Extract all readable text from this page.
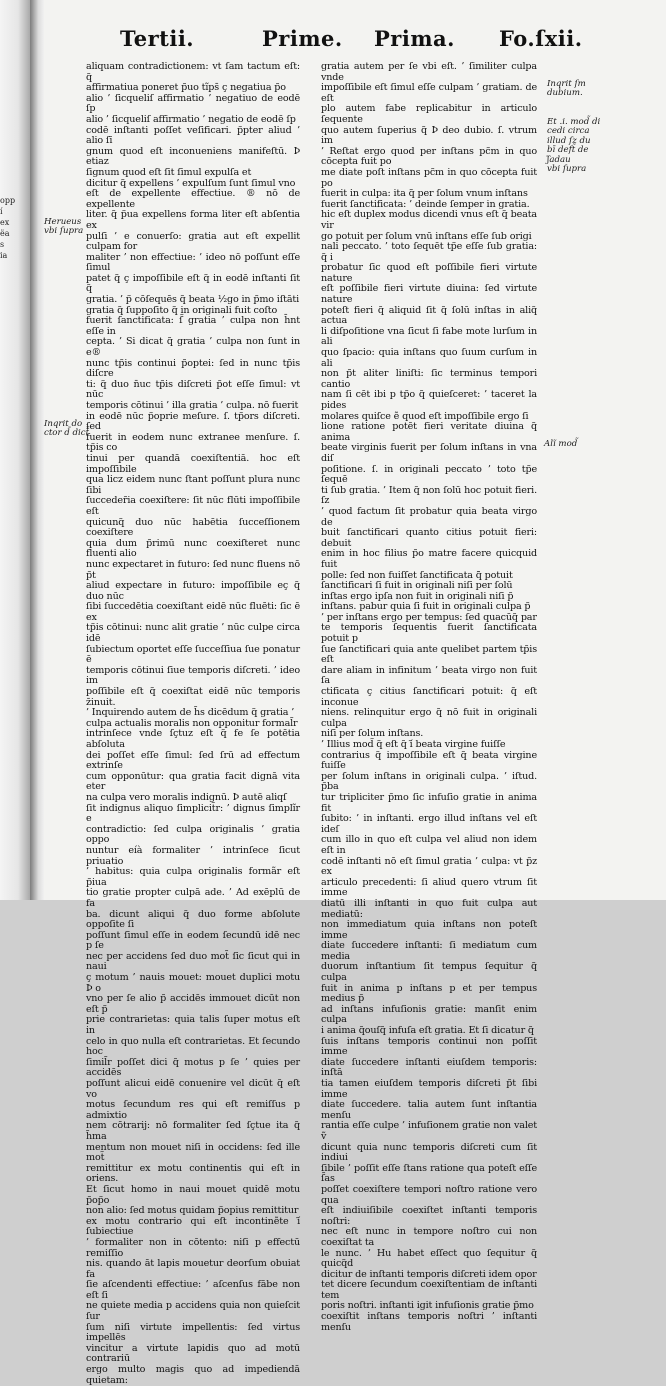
opp
í
ex
ëa
s
ia
Tertii.	Prime. Prima. Fo.ſxii.
Herueus
vbi ſupra
Inqrit do
ctor d̃ dict̄
Inqrit ſm
dubium.
Et .i. mod̃ di
cedi circa
illud ſz du
bī deft̃ de
ʃ̃adau
vbi ſupra
Alĩ mod̃

aliquam contradictionem: vt ſam tactum eſt: q̃

affirmatiua poneret p̃uo tĩps̄ ç negatiua p̃o

alio ’ ſicqueliſ affirmatio ’ negatiuo de eodē ſp

alio ’ ſicqueliſ affirmatio ’ negatio de eodē ſp

codē inſtanti poſſet veſificari. p̃pter aliud ’ alio ſī

gnum quod eſt inconueniens manifeſtū. Þ etiaz

ſignum quod eſt ſit ſimul expulſa et

dicitur q̃ expellens ’ expulſum ſunt ſimul vno

eſt de expellente effectiue. ® nō de expellente

liter. q̃ p̃ua expellens forma liter eſt abſentia ex

pulſi ’ e conuerſo: gratia aut eſt expellit culpam for

maliter ’ non effectiue: ’ ideo nō poſſunt eſſe ſimul

patet q̃ ç impoſſibile eſt q̃ in eodē inſtanti ſit q̃

gratia. ’ p̃ cōſequēs q̃ beata ½go in p̃mo iſtāti

gratia q̃ ſuppoſito q̃ in originali fuit coſto

fuerit ſanctificata: ſ̃ gratia ’ culpa non h̄nt eſſe in

cepta. ’ Si dicat q̃ gratia ’ culpa non ſunt in e®

nunc tp̃is continui p̃optei: ſed in nunc tp̃is diſcre

ti: q̃ duo n̄uc tp̃is diſcreti p̃ot eſſe ſimul: vt nūc

temporis cōtinui ’ illa gratia ’ culpa. nō fuerit

in eodē nūc p̃oprie meſure. ſ. tp̃ors diſcreti. ſed

fuerit in eodem nunc extranee menſure. ſ. tp̃is co

tinui per quandā coexiſtentiā. hoc eſt impoſſibile

qua licz eidem nunc ſtant poſſunt plura nunc ſibi

ſucceder̃ia coexiſtere: ſit nūc flūti impoſſibile eſt

quicunq̃ duo nūc habētia ſucceſſionem coexiſtere

quia dum p̃rimū nunc coexiſteret nunc fluenti alio

nunc expectaret in futuro: ſed nunc fluens nō p̃t

aliud expectare in futuro: impoſſibile eç q̃ duo nūc

ſibi ſuccedētia coexiſtant eidē nūc fluēti: ſic ē ex

tp̃is cōtinui: nunc alit gratie ’ nūc culpe circa idē

ſubiectum oportet eſſe ſucceſſiua ſue ponatur ē

temporis cōtinui ſiue temporis diſcreti. ’ ideo im

poſſibile eſt q̃ coexiſtat eidē nūc temporis z̄inuit.

’ Inquirendo autem de h̃s dicēdum q̃ gratia ’

culpa actualis moralis non opponitur formal̃r

intrinſece vnde ſçtuz eſt q̃ fe ſe potētia abſoluta

dei poſſet eſſe ſimul: ſed ſrū ad effectum extrinſe

cum opponūtur: qua gratia facit dignā vita eter

na culpa vero moralis indignū. Þ autē aliqſ

ſit indignus aliquo ſimplicit̃r: ’ dignus ſimplĩr e

contradictio: ſed culpa originalis ’ gratia oppo

nuntur eíà formaliter ’ intrinſece ſicut priuatio

’ habitus: quia culpa originalis formãr eſt p̃iua

tio gratie propter culpā ade. ’ Ad exēplū de fa

ba. dicunt aliqui q̃ duo forme abſolute oppoſite ſi

poſſunt ſimul eſſe in eodem ſecundū idē nec p ſe

nec per accidens ſed duo mot̃ ſic ſicut qui in naui

ç motum ’ nauis mouet: mouet duplici motu Þ o

vno per ſe alio p̃ accidēs immouet dicūt non eſt p̃

prie contrarietas: quia talis ſuper motus eſt in

celo in quo nulla eſt contrarietas. Et ſecundo hoc

ſimil̃r poſſet dici q̃ motus p ſe ’ quies per accidēs

poſſunt alicui eidē conuenire vel dicūt q̃ eſt vo

motus ſecundum res qui eſt remiſſus p admixtio

nem cōtrarij: nō formaliter ſed ſçtue ita q̃ h̃ma

mentum non mouet niſi in occidens: ſed ille mot̃

remittitur ex motu continentis qui eſt in oriens.

Et ſicut homo in naui mouet quidē motu p̃op̃o

non alio: ſed motus quidam p̃opius remittitur

ex motu contrario qui eſt incontinẽte í̃ ſubiectiue

’ formaliter non in cōtento: niſi p effectū remiſſio

nis. quando āt lapis mouetur deorſum obuiat fa

ſie aſcendenti effectiue: ’ aſcenſus fābe non eſt ſi

ne quiete media p accidens quia non quieſcit ſur

ſum niſi virtute impellentis: ſed virtus impellēs

vincitur a virtute lapidis quo ad motū contrariū

ergo multo magis quo ad impediendā quietam:

gratia autem per ſe vbi eſt. ’ ſimiliter culpa vnde

impoſſibile eſt ſimul eſſe culpam ’ gratiam. de eſt

plo autem fabe replicabitur in articulo ſequente

quo autem ſuperius q̃ Þ deo dubio. ſ. vtrum im

’ Reſtat ergo quod per inſtans pc̃m in quo cōcepta fuit po

me diate poſt inſtans pc̃m in quo cōcepta fuit po

fuerit in culpa: ita q̃ per ſolum vnum inſtans

fuerit ſanctificata: ’ deinde ſemper in gratia.

hic eſt duplex modus dicendi vnus eſt q̃ beata vir

go potuit per ſolum vnū inſtans eſſe ſub origi

nali peccato. ’ toto ſequēt tp̃e eſſe ſub gratia: q̃ i

probatur ſic quod eſt poſſibile fieri virtute nature

eſt poſſibile fieri virtute diuina: ſed virtute nature

poteſt fieri q̃ aliquid ſit q̃ ſolū inſtas in aliq̃ actua

li diſpoſitione vna ſicut ſi fabe mote lurſum in ali

quo ſpacio: quia inſtans quo ſuum curſum in ali

non p̃t aliter liniſti: ſic terminus tempori cantio

nam ſi cēt ibi p tp̃o q̃ quieſceret: ’ taceret la pides

molares quiſce ẽ quod eſt impoſſibile ergo ſi

lione ratione potēt fieri veritate diuina q̃ anima

beate virginis fuerit per ſolum inſtans in vna diſ

poſitione. ſ. in originali peccato ’ toto tp̃e ſequē

ti ſub gratia. ’ Item q̃ non ſolū hoc potuit fieri. ſz

’ quod factum ſit probatur quia beata virgo de

buit ſanctificari quanto citius potuit fieri: debuit

enim in hoc filius p̃o matre facere quicquid fuit

polle: ſed non fuiſſet ſanctificata q̃̃ potuit

ſanctificari ſi fuit in originali niſi per ſolū

inſtas ergo ipſa non fuit in originali niſi p̃

inſtans. pabur quia ſi fuit in originali culpa p̃

’ per inſtans ergo per tempus: ſed quacūq̃ par

te temporis ſequentis fuerit ſanctificata potuit p

ſue ſanctificari quia ante quelibet partem tp̃is eſt

dare aliam in infinitum ’ beata virgo non fuit ſa

ctificata ç citius ſanctificari potuit: q̃ eſt inconue

niens. relinquitur ergo q̃ nō fuit in originali culpa

niſi per ſolum inſtans.

’ Illius mod̃ q̃ eſt q̃ í̃ beata virgine fuiſſe

contrarius q̃ impoſſibile eſt q̃ beata virgine fuiſſe

per ſolum inſtans in originali culpa. ’ iſtud. p̃ba

tur tripliciter p̃mo ſic infuſio gratie in anima fit

ſubito: ’ in inſtanti. ergo illud inſtans vel eſt ideſ

cum illo in quo eſt culpa vel aliud non idem eſt in

codē inſtanti nō eſt ſimul gratia ’ culpa: vt p̃z ex

articulo precedenti: ſi aliud quero vtrum ſit imme

diatū illi inſtanti in quo fuit culpa aut mediatū:

non immediatum quia inſtans non poteſt imme

diate ſuccedere inſtanti: ſi mediatum cum media

duorum inſtantium ſit tempus ſequitur q̃ culpa

fuit in anima p inſtans p et per tempus medius p̃

ad inſtans infuſionis gratie: manſit enim culpa

i anima q̃ouſq̃ infuſa eſt gratia. Et ſi dicatur q̃

ſuis inſtans temporis continui non poſſit imme

diate ſuccedere inſtanti eiuſdem temporis: inſtā

tia tamen eiuſdem temporis diſcreti p̃t ſibi imme

diate ſuccedere. talia autem ſunt inſtantia menſu

rantia eſſe culpe ’ infuſionem gratie non valet ṽ

dicunt quia nunc temporis diſcreti cum ſit indiui

ſibile ’ poſſit eſſe ſtans ratione qua poteſt eſſe ſ̃as

poſſet coexiſtere tempori noſtro ratione vero qua

eſt indiuiſibile coexiſtet inſtanti temporis noſtri:

nec eſt nunc in tempore noſtro cui non coexiſtat ta

le nunc. ’ Hu habet eſſect quo ſequitur q̃ quicq̃d

dicitur de inſtanti temporis diſcreti idem opor

tet dicere ſecundum coexiſtentiam de inſtanti tem

poris noſtri. inſtanti igit infuſionis gratie p̃mo

coexiſtit inſtans temporis noſtri ’ inſtanti menſu
